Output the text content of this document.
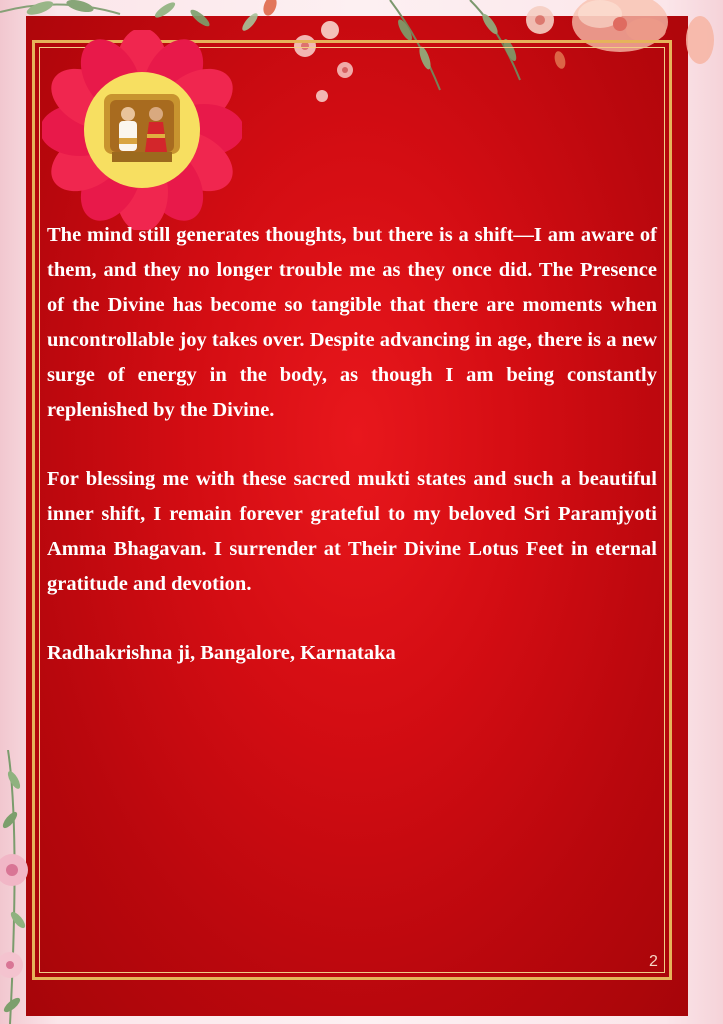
The mind still generates thoughts, but there is a shift—I am aware of them, and they no longer trouble me as they once did. The Presence of the Divine has become so tangible that there are moments when uncontrollable joy takes over. Despite advancing in age, there is a new surge of energy in the body, as though I am being constantly replenished by the Divine.

For blessing me with these sacred mukti states and such a beautiful inner shift, I remain forever grateful to my beloved Sri Paramjyoti Amma Bhagavan. I surrender at Their Divine Lotus Feet in eternal gratitude and devotion.

Radhakrishna ji, Bangalore, Karnataka

2
